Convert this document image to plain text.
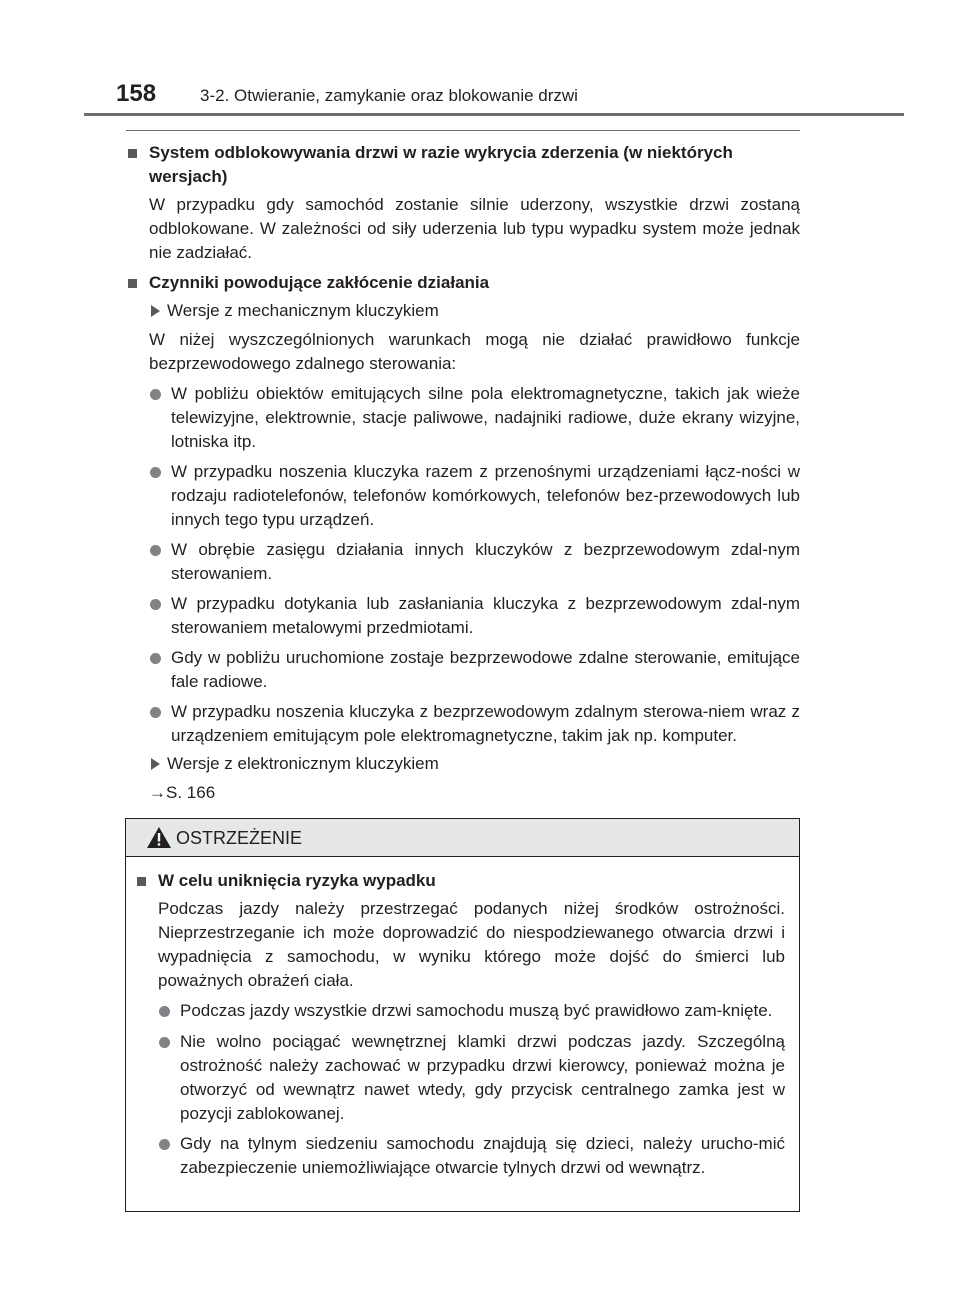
158	3-2. Otwieranie, zamykanie oraz blokowanie drzwi
System odblokowywania drzwi w razie wykrycia zderzenia (w niektórych wersjach)

W przypadku gdy samochód zostanie silnie uderzony, wszystkie drzwi zostaną odblokowane. W zależności od siły uderzenia lub typu wypadku system może jednak nie zadziałać.

Czynniki powodujące zakłócenie działania
Wersje z mechanicznym kluczykiem

W niżej wyszczególnionych warunkach mogą nie działać prawidłowo funkcje bezprzewodowego zdalnego sterowania:

W pobliżu obiektów emitujących silne pola elektromagnetyczne, takich jak wieże telewizyjne, elektrownie, stacje paliwowe, nadajniki radiowe, duże ekrany wizyjne, lotniska itp.
W przypadku noszenia kluczyka razem z przenośnymi urządzeniami łącz-ności w rodzaju radiotelefonów, telefonów komórkowych, telefonów bez-przewodowych lub innych tego typu urządzeń.
W obrębie zasięgu działania innych kluczyków z bezprzewodowym zdal-nym sterowaniem.
W przypadku dotykania lub zasłaniania kluczyka z bezprzewodowym zdal-nym sterowaniem metalowymi przedmiotami.
Gdy w pobliżu uruchomione zostaje bezprzewodowe zdalne sterowanie, emitujące fale radiowe.
W przypadku noszenia kluczyka z bezprzewodowym zdalnym sterowa-niem wraz z urządzeniem emitującym pole elektromagnetyczne, takim jak np. komputer.
Wersje z elektronicznym kluczykiem
→S. 166
OSTRZEŻENIE
W celu uniknięcia ryzyka wypadku

Podczas jazdy należy przestrzegać podanych niżej środków ostrożności. Nieprzestrzeganie ich może doprowadzić do niespodziewanego otwarcia drzwi i wypadnięcia z samochodu, w wyniku którego może dojść do śmierci lub poważnych obrażeń ciała.

Podczas jazdy wszystkie drzwi samochodu muszą być prawidłowo zam-knięte.
Nie wolno pociągać wewnętrznej klamki drzwi podczas jazdy. Szczególną ostrożność należy zachować w przypadku drzwi kierowcy, ponieważ można je otworzyć od wewnątrz nawet wtedy, gdy przycisk centralnego zamka jest w pozycji zablokowanej.
Gdy na tylnym siedzeniu samochodu znajdują się dzieci, należy urucho-mić zabezpieczenie uniemożliwiające otwarcie tylnych drzwi od wewnątrz.
